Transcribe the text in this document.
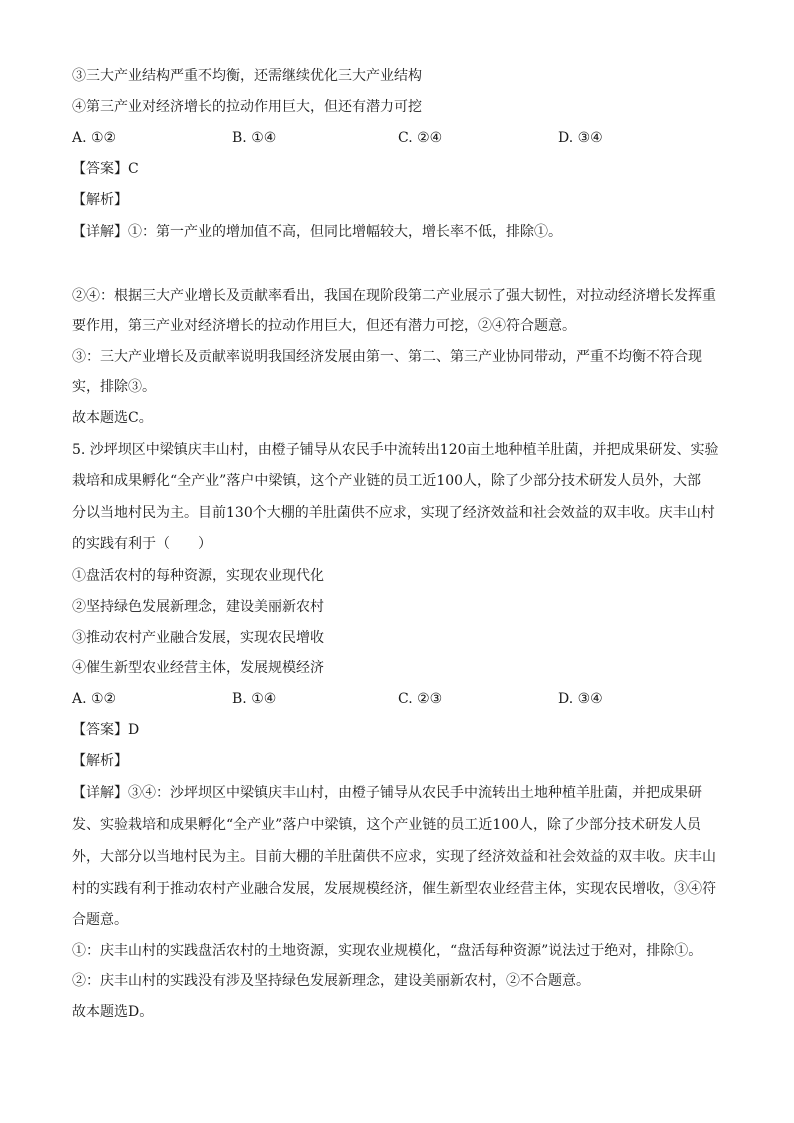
③三大产业结构严重不均衡，还需继续优化三大产业结构
④第三产业对经济增长的拉动作用巨大，但还有潜力可挖
A. ①②	B. ①④	C. ②④	D. ③④
【答案】C
【解析】
【详解】①：第一产业的增加值不高，但同比增幅较大，增长率不低，排除①。
②④：根据三大产业增长及贡献率看出，我国在现阶段第二产业展示了强大韧性，对拉动经济增长发挥重
要作用，第三产业对经济增长的拉动作用巨大，但还有潜力可挖，②④符合题意。
③：三大产业增长及贡献率说明我国经济发展由第一、第二、第三产业协同带动，严重不均衡不符合现
实，排除③。
故本题选C。
5. 沙坪坝区中梁镇庆丰山村，由橙子铺导从农民手中流转出120亩土地种植羊肚菌，并把成果研发、实验
栽培和成果孵化“全产业”落户中梁镇，这个产业链的员工近100人，除了少部分技术研发人员外，大部
分以当地村民为主。目前130个大棚的羊肚菌供不应求，实现了经济效益和社会效益的双丰收。庆丰山村
的实践有利于（　　）
①盘活农村的每种资源，实现农业现代化
②坚持绿色发展新理念，建设美丽新农村
③推动农村产业融合发展，实现农民增收
④催生新型农业经营主体，发展规模经济
A. ①②	B. ①④	C. ②③	D. ③④
【答案】D
【解析】
【详解】③④：沙坪坝区中梁镇庆丰山村，由橙子铺导从农民手中流转出土地种植羊肚菌，并把成果研
发、实验栽培和成果孵化“全产业”落户中梁镇，这个产业链的员工近100人，除了少部分技术研发人员
外，大部分以当地村民为主。目前大棚的羊肚菌供不应求，实现了经济效益和社会效益的双丰收。庆丰山
村的实践有利于推动农村产业融合发展，发展规模经济，催生新型农业经营主体，实现农民增收，③④符
合题意。
①：庆丰山村的实践盘活农村的土地资源，实现农业规模化，“盘活每种资源”说法过于绝对，排除①。
②：庆丰山村的实践没有涉及坚持绿色发展新理念，建设美丽新农村，②不合题意。
故本题选D。
